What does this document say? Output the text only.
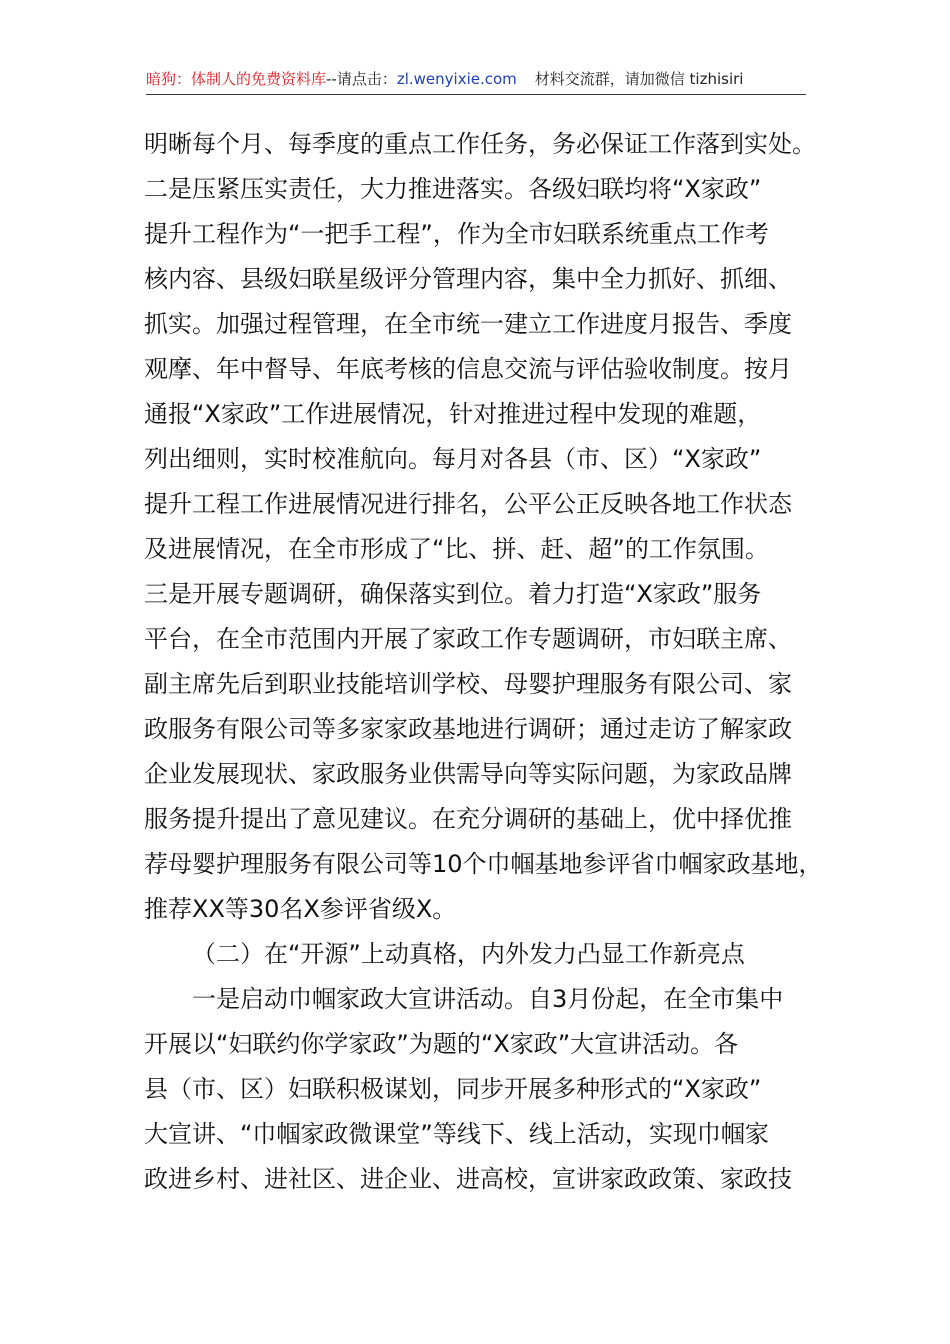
暗狗：体制人的免费资料库--请点击：zl.wenyixie.com 材料交流群，请加微信 tizhisiri
明晰每个月、每季度的重点工作任务，务必保证工作落到实处。
二是压紧压实责任，大力推进落实。各级妇联均将“X家政”
提升工程作为“一把手工程”，作为全市妇联系统重点工作考
核内容、县级妇联星级评分管理内容，集中全力抓好、抓细、
抓实。加强过程管理，在全市统一建立工作进度月报告、季度
观摩、年中督导、年底考核的信息交流与评估验收制度。按月
通报“X家政”工作进展情况，针对推进过程中发现的难题，
列出细则，实时校准航向。每月对各县（市、区）“X家政”
提升工程工作进展情况进行排名，公平公正反映各地工作状态
及进展情况，在全市形成了“比、拼、赶、超”的工作氛围。
三是开展专题调研，确保落实到位。着力打造“X家政”服务
平台，在全市范围内开展了家政工作专题调研，市妇联主席、
副主席先后到职业技能培训学校、母婴护理服务有限公司、家
政服务有限公司等多家家政基地进行调研；通过走访了解家政
企业发展现状、家政服务业供需导向等实际问题，为家政品牌
服务提升提出了意见建议。在充分调研的基础上，优中择优推
荐母婴护理服务有限公司等10个巾帼基地参评省巾帼家政基地，
推荐XX等30名X参评省级X。
（二）在“开源”上动真格，内外发力凸显工作新亮点
一是启动巾帼家政大宣讲活动。自3月份起，在全市集中
开展以“妇联约你学家政”为题的“X家政”大宣讲活动。各
县（市、区）妇联积极谋划，同步开展多种形式的“X家政”
大宣讲、“巾帼家政微课堂”等线下、线上活动，实现巾帼家
政进乡村、进社区、进企业、进高校，宣讲家政政策、家政技
